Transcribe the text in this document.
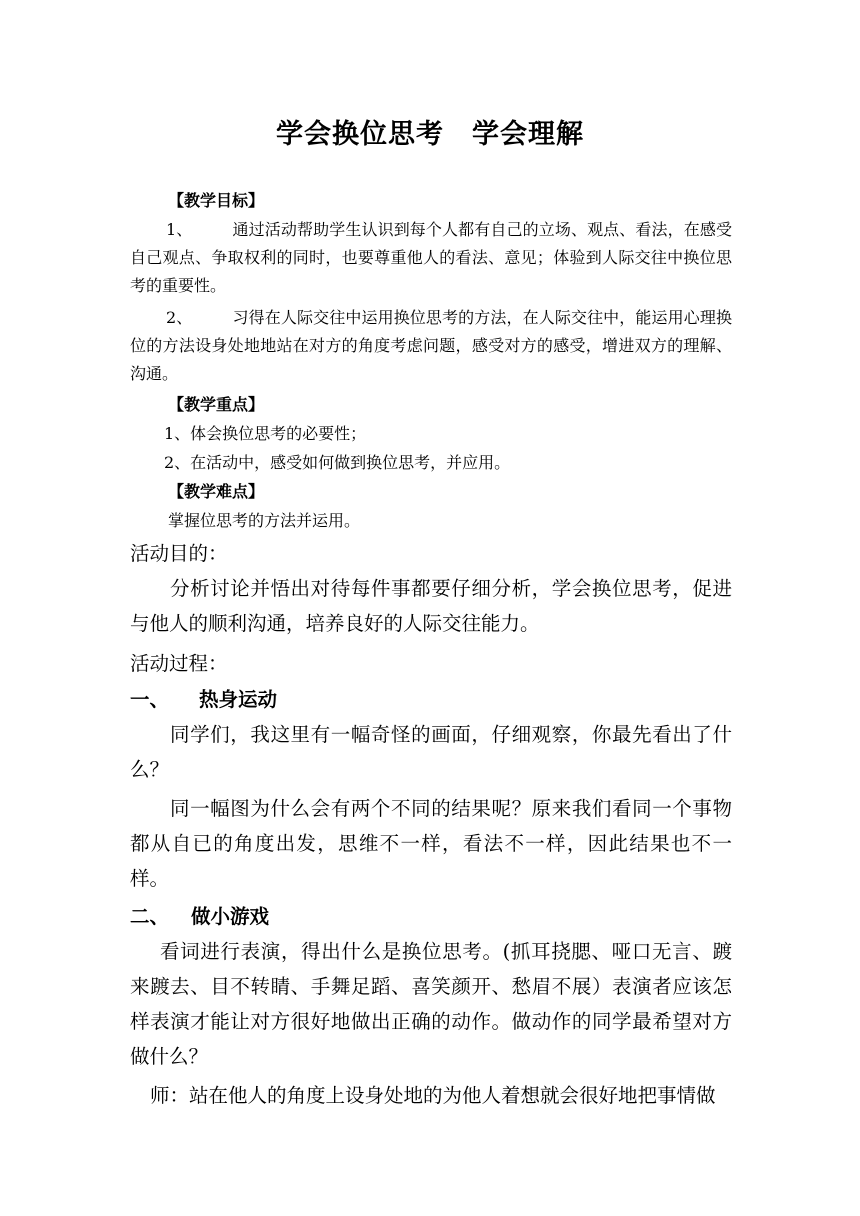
学会换位思考　学会理解
【教学目标】
1、	通过活动帮助学生认识到每个人都有自己的立场、观点、看法，在感受自己观点、争取权利的同时，也要尊重他人的看法、意见；体验到人际交往中换位思考的重要性。
2、	习得在人际交往中运用换位思考的方法，在人际交往中，能运用心理换位的方法设身处地地站在对方的角度考虑问题，感受对方的感受，增进双方的理解、沟通。
【教学重点】
1、体会换位思考的必要性；
2、在活动中，感受如何做到换位思考，并应用。
【教学难点】
掌握位思考的方法并运用。
活动目的：
分析讨论并悟出对待每件事都要仔细分析，学会换位思考，促进与他人的顺利沟通，培养良好的人际交往能力。
活动过程：
一、 热身运动
同学们，我这里有一幅奇怪的画面，仔细观察，你最先看出了什么？
同一幅图为什么会有两个不同的结果呢？原来我们看同一个事物都从自已的角度出发，思维不一样，看法不一样，因此结果也不一样。
二、 做小游戏
看词进行表演，得出什么是换位思考。(抓耳挠腮、哑口无言、踱来踱去、目不转睛、手舞足蹈、喜笑颜开、愁眉不展）表演者应该怎样表演才能让对方很好地做出正确的动作。做动作的同学最希望对方做什么？
师：站在他人的角度上设身处地的为他人着想就会很好地把事情做
